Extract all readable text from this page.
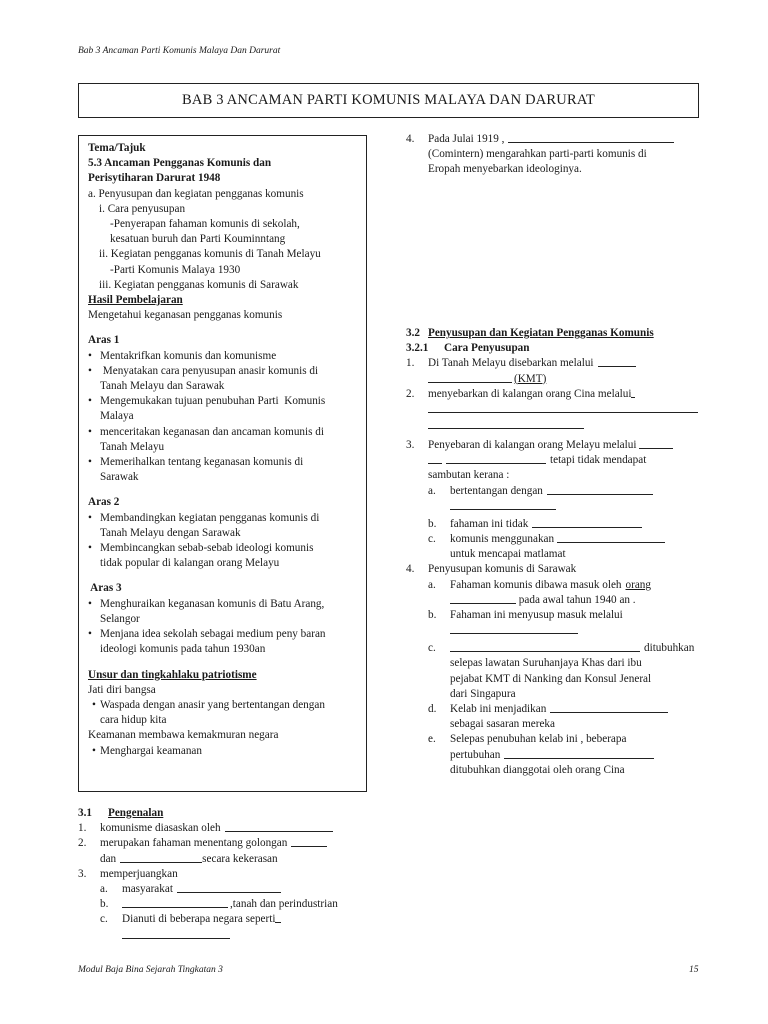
Bab 3 Ancaman Parti Komunis Malaya Dan Darurat
BAB 3 ANCAMAN PARTI KOMUNIS MALAYA DAN DARURAT
Tema/Tajuk
5.3 Ancaman Pengganas Komunis dan
Perisytiharan Darurat 1948
a. Penyusupan dan kegiatan pengganas komunis
i. Cara penyusupan
-Penyerapan fahaman komunis di sekolah,
kesatuan buruh dan Parti Kouminntang
ii. Kegiatan pengganas komunis di Tanah Melayu
-Parti Komunis Malaya 1930
iii. Kegiatan pengganas komunis di Sarawak
Hasil Pembelajaran
Mengetahui keganasan pengganas komunis
Aras 1
• Mentakrifkan komunis dan komunisme
• Menyatakan cara penyusupan anasir komunis di
Tanah Melayu dan Sarawak
• Mengemukakan tujuan penubuhan Parti  Komunis
Malaya
• menceritakan keganasan dan ancaman komunis di
Tanah Melayu
• Memerihalkan tentang keganasan komunis di
Sarawak
Aras 2
• Membandingkan kegiatan pengganas komunis di
Tanah Melayu dengan Sarawak
• Membincangkan sebab-sebab ideologi komunis
tidak popular di kalangan orang Melayu
Aras 3
• Menghuraikan keganasan komunis di Batu Arang,
Selangor
• Menjana idea sekolah sebagai medium peny baran
ideologi komunis pada tahun 1930an
Unsur dan tingkahlaku patriotisme
Jati diri bangsa
• Waspada dengan anasir yang bertentangan dengan
cara hidup kita
Keamanan membawa kemakmuran negara
• Menghargai keamanan
3.1	Pengenalan
1.	komunisme diasaskan oleh
2.	merupakan fahaman menentang golongan
dan	secara kekerasan
3.	memperjuangkan
a.	masyarakat
b.	,tanah dan perindustrian
c.	Dianuti di beberapa negara seperti
4.	Pada Julai 1919 ,
(Comintern) mengarahkan parti-parti komunis di
Eropah menyebarkan ideologinya.
3.2 Penyusupan dan Kegiatan Pengganas Komunis
3.2.1	Cara Penyusupan
1.	Di Tanah Melayu disebarkan melalui
(KMT)
2.	menyebarkan di kalangan orang Cina melalui
3.	Penyebaran di kalangan orang Melayu melalui
tetapi tidak mendapat
sambutan kerana :
a.	bertentangan dengan
b.	fahaman ini tidak
c.	komunis menggunakan
untuk mencapai matlamat
4.	Penyusupan komunis di Sarawak
a.	Fahaman komunis dibawa masuk oleh orang
pada awal tahun 1940 an .
b.	Fahaman ini menyusup masuk melalui
c.	ditubuhkan
selepas lawatan Suruhanjaya Khas dari ibu
pejabat KMT di Nanking dan Konsul Jeneral
dari Singapura
d.	Kelab ini menjadikan
sebagai sasaran mereka
e.	Selepas penubuhan kelab ini , beberapa
pertubuhan
ditubuhkan dianggotai oleh orang Cina
Modul Baja Bina Sejarah Tingkatan 3	15
